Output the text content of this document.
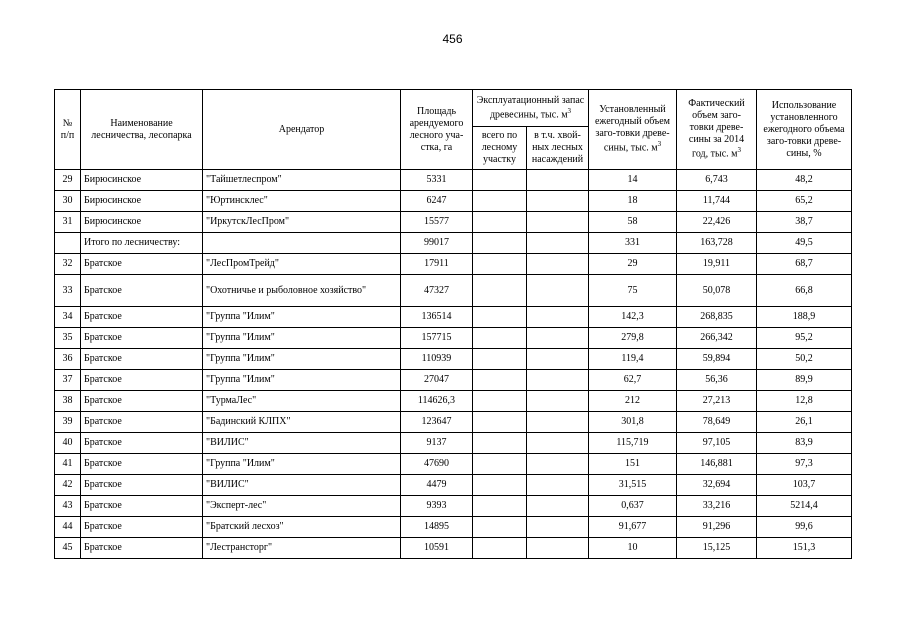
456
№ п/п	Наименование лесничества, лесопарка	Арендатор	Площадь арендуемого лесного уча-стка, га	Эксплуатационный запас древесины, тыс. $м^3$		Установленный ежегодный объем заго-товки древе-сины, тыс. $м^3$	Фактический объем заго-товки древе-сины за 2014 год, тыс. $м^3$	Использование установленного ежегодного объема заго-товки древе-сины, %
				всего по лесному участку	в т.ч. хвой-ных лесных насаждений			
29	Бирюсинское	"Тайшетлеспром"	5331			14	6,743	48,2
30	Бирюсинское	"Юртинсклес"	6247			18	11,744	65,2
31	Бирюсинское	"ИркутскЛесПром"	15577			58	22,426	38,7
	Итого по лесничеству:		99017			331	163,728	49,5
32	Братское	"ЛесПромТрейд"	17911			29	19,911	68,7
33	Братское	"Охотничье и рыболовное хозяйство"	47327			75	50,078	66,8
34	Братское	"Группа "Илим"	136514			142,3	268,835	188,9
35	Братское	"Группа "Илим"	157715			279,8	266,342	95,2
36	Братское	"Группа "Илим"	110939			119,4	59,894	50,2
37	Братское	"Группа "Илим"	27047			62,7	56,36	89,9
38	Братское	"ТурмаЛес"	114626,3			212	27,213	12,8
39	Братское	"Бадинский КЛПХ"	123647			301,8	78,649	26,1
40	Братское	"ВИЛИС"	9137			115,719	97,105	83,9
41	Братское	"Группа "Илим"	47690			151	146,881	97,3
42	Братское	"ВИЛИС"	4479			31,515	32,694	103,7
43	Братское	"Эксперт-лес"	9393			0,637	33,216	5214,4
44	Братское	"Братский лесхоз"	14895			91,677	91,296	99,6
45	Братское	"Лестрансторг"	10591			10	15,125	151,3
